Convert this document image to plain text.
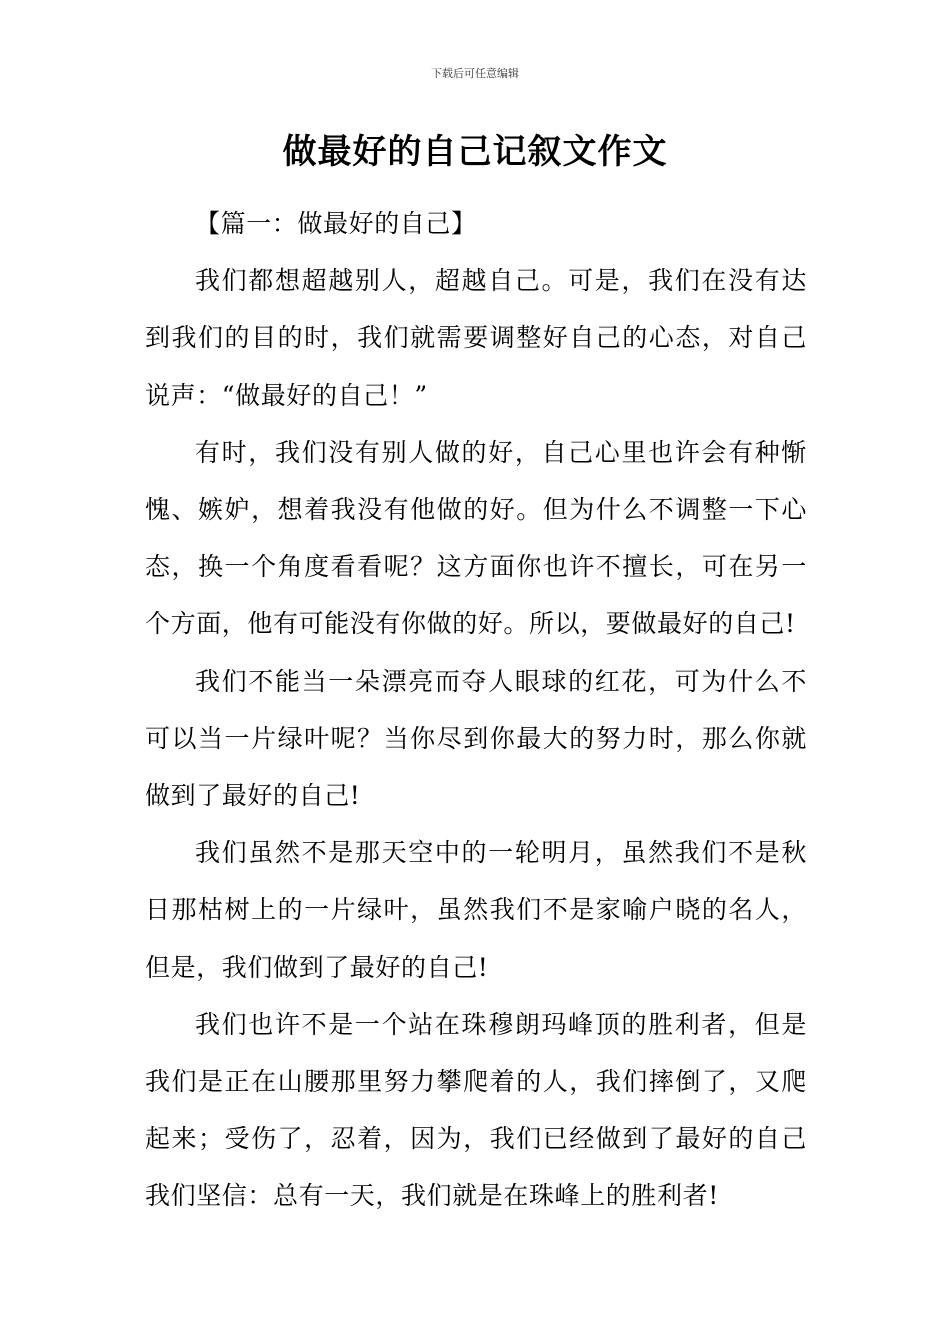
下载后可任意编辑
做最好的自己记叙文作文

【篇一：做最好的自己】

我们都想超越别人，超越自己。可是，我们在没有达到我们的目的时，我们就需要调整好自己的心态，对自己说声：“做最好的自己！”

有时，我们没有别人做的好，自己心里也许会有种惭愧、嫉妒，想着我没有他做的好。但为什么不调整一下心态，换一个角度看看呢？这方面你也许不擅长，可在另一个方面，他有可能没有你做的好。所以，要做最好的自己!

我们不能当一朵漂亮而夺人眼球的红花，可为什么不可以当一片绿叶呢？当你尽到你最大的努力时，那么你就做到了最好的自己!

我们虽然不是那天空中的一轮明月，虽然我们不是秋日那枯树上的一片绿叶，虽然我们不是家喻户晓的名人，但是，我们做到了最好的自己!

我们也许不是一个站在珠穆朗玛峰顶的胜利者，但是我们是正在山腰那里努力攀爬着的人，我们摔倒了，又爬起来；受伤了，忍着，因为，我们已经做到了最好的自己我们坚信：总有一天，我们就是在珠峰上的胜利者!
